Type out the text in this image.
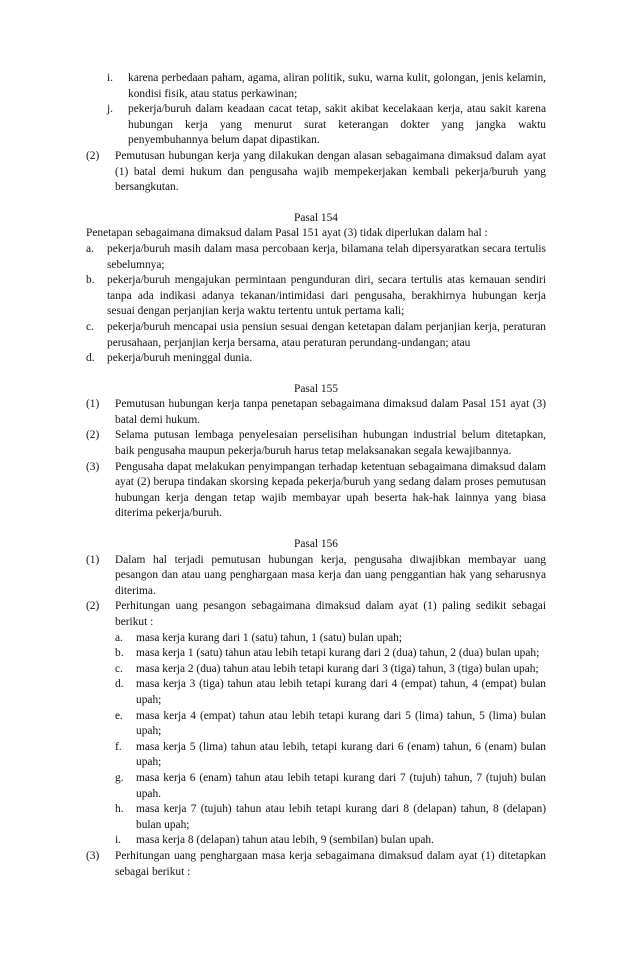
i.	karena perbedaan paham, agama, aliran politik, suku, warna kulit, golongan, jenis kelamin, kondisi fisik, atau status perkawinan;
j.	pekerja/buruh dalam keadaan cacat tetap, sakit akibat kecelakaan kerja, atau sakit karena hubungan kerja yang menurut surat keterangan dokter yang jangka waktu penyembuhannya belum dapat dipastikan.
(2)	Pemutusan hubungan kerja yang dilakukan dengan alasan sebagaimana dimaksud dalam ayat (1) batal demi hukum dan pengusaha wajib mempekerjakan kembali pekerja/buruh yang bersangkutan.
Pasal 154
Penetapan sebagaimana dimaksud dalam Pasal 151 ayat (3) tidak diperlukan dalam hal :
a.	pekerja/buruh masih dalam masa percobaan kerja, bilamana telah dipersyaratkan secara tertulis sebelumnya;
b.	pekerja/buruh mengajukan permintaan pengunduran diri, secara tertulis atas kemauan sendiri tanpa ada indikasi adanya tekanan/intimidasi dari pengusaha, berakhirnya hubungan kerja sesuai dengan perjanjian kerja waktu tertentu untuk pertama kali;
c.	pekerja/buruh mencapai usia pensiun sesuai dengan ketetapan dalam perjanjian kerja, peraturan perusahaan, perjanjian kerja bersama, atau peraturan perundang-undangan; atau
d.	pekerja/buruh meninggal dunia.
Pasal 155
(1)	Pemutusan hubungan kerja tanpa penetapan sebagaimana dimaksud dalam Pasal 151 ayat (3) batal demi hukum.
(2)	Selama putusan lembaga penyelesaian perselisihan hubungan industrial belum ditetapkan, baik pengusaha maupun pekerja/buruh harus tetap melaksanakan segala kewajibannya.
(3)	Pengusaha dapat melakukan penyimpangan terhadap ketentuan sebagaimana dimaksud dalam ayat (2) berupa tindakan skorsing kepada pekerja/buruh yang sedang dalam proses pemutusan hubungan kerja dengan tetap wajib membayar upah beserta hak-hak lainnya yang biasa diterima pekerja/buruh.
Pasal 156
(1)	Dalam hal terjadi pemutusan hubungan kerja, pengusaha diwajibkan membayar uang pesangon dan atau uang penghargaan masa kerja dan uang penggantian hak yang seharusnya diterima.
(2)	Perhitungan uang pesangon sebagaimana dimaksud dalam ayat (1) paling sedikit sebagai berikut :
a.	masa kerja kurang dari 1 (satu) tahun, 1 (satu) bulan upah;
b.	masa kerja 1 (satu) tahun atau lebih tetapi kurang dari 2 (dua) tahun, 2 (dua) bulan upah;
c.	masa kerja 2 (dua) tahun atau lebih tetapi kurang dari 3 (tiga) tahun, 3 (tiga) bulan upah;
d.	masa kerja 3 (tiga) tahun atau lebih tetapi kurang dari 4 (empat) tahun, 4 (empat) bulan upah;
e.	masa kerja 4 (empat) tahun atau lebih tetapi kurang dari 5 (lima) tahun, 5 (lima) bulan upah;
f.	masa kerja 5 (lima) tahun atau lebih, tetapi kurang dari 6 (enam) tahun, 6 (enam) bulan upah;
g.	masa kerja 6 (enam) tahun atau lebih tetapi kurang dari 7 (tujuh) tahun, 7 (tujuh) bulan upah.
h.	masa kerja 7 (tujuh) tahun atau lebih tetapi kurang dari 8 (delapan) tahun, 8 (delapan) bulan upah;
i.	masa kerja 8 (delapan) tahun atau lebih, 9 (sembilan) bulan upah.
(3)	Perhitungan uang penghargaan masa kerja sebagaimana dimaksud dalam ayat (1) ditetapkan sebagai berikut :
